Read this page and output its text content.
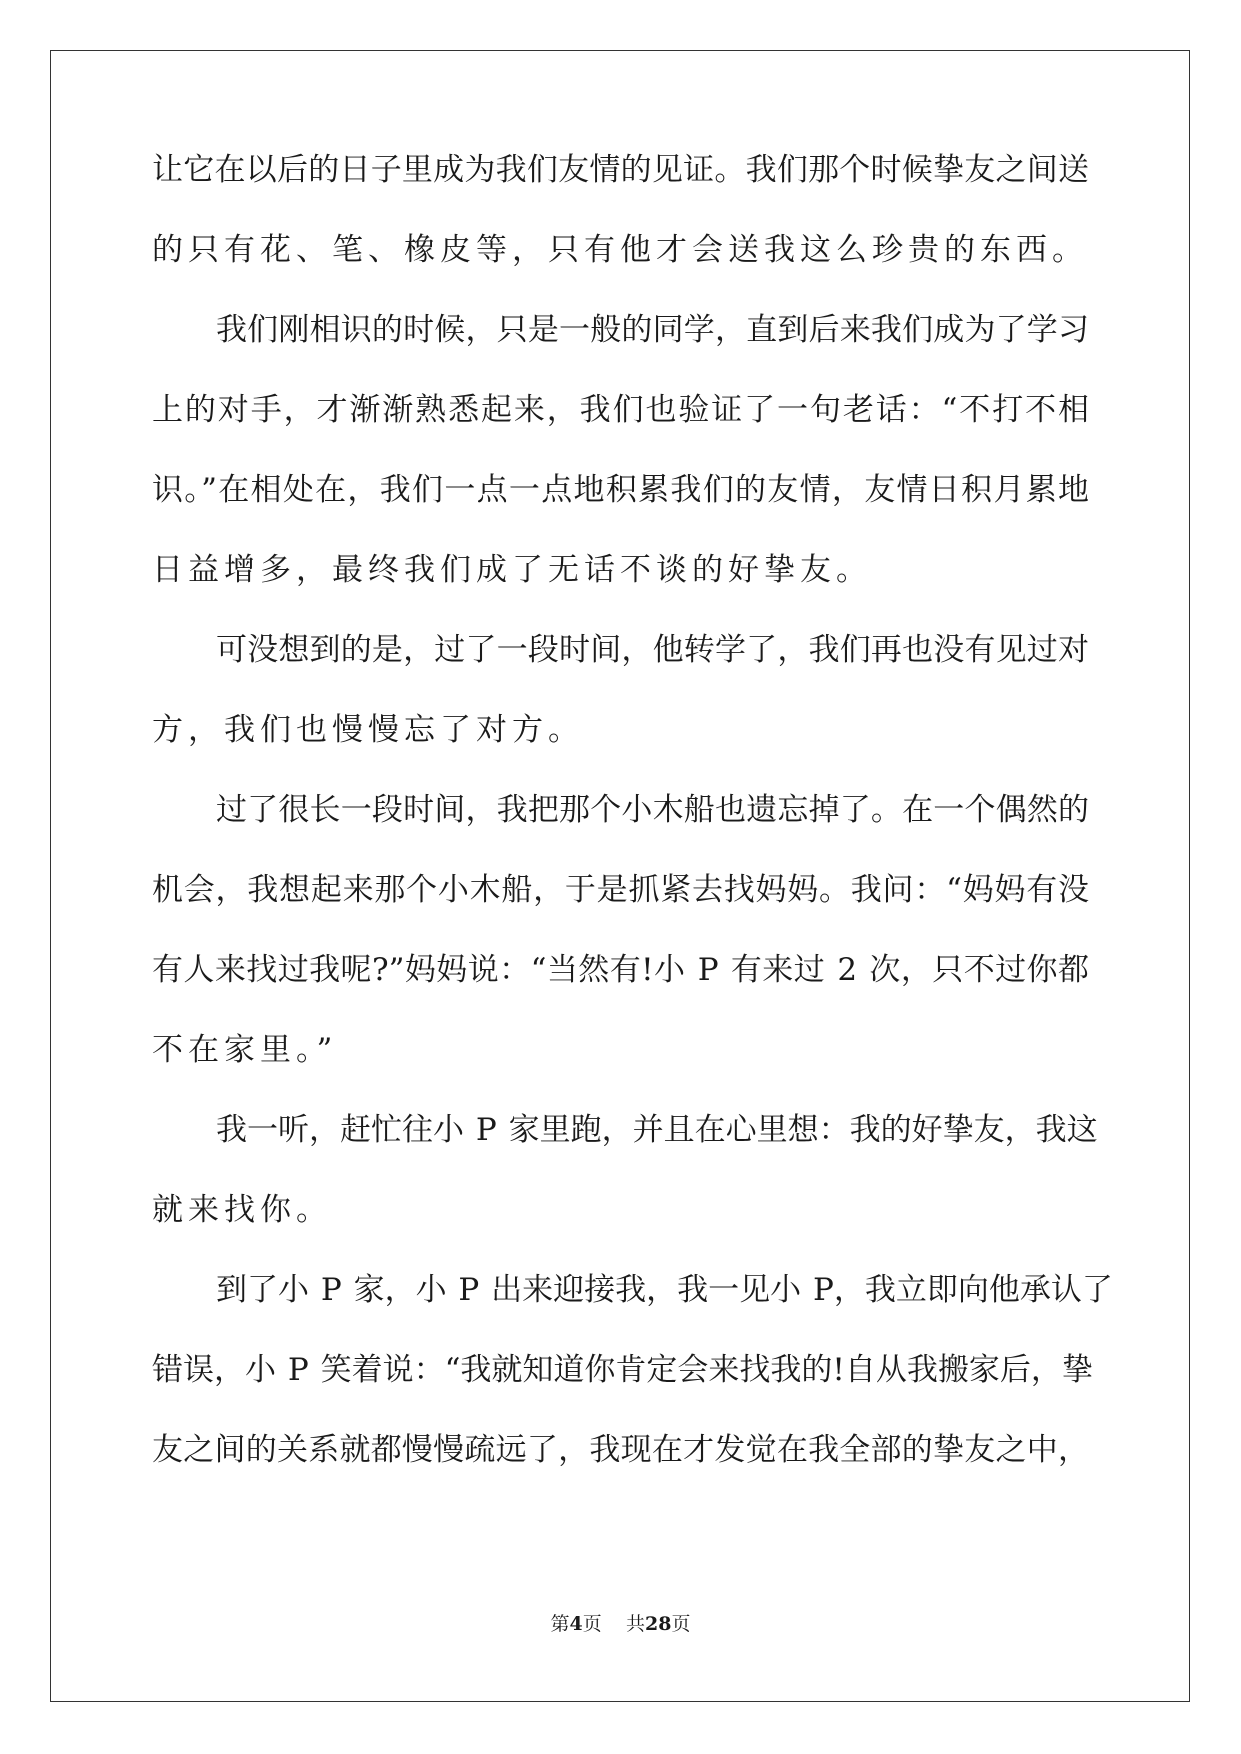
让它在以后的日子里成为我们友情的见证。我们那个时候挚友之间送
的只有花、笔、橡皮等，只有他才会送我这么珍贵的东西。
我们刚相识的时候，只是一般的同学，直到后来我们成为了学习
上的对手，才渐渐熟悉起来，我们也验证了一句老话：“不打不相
识。”在相处在，我们一点一点地积累我们的友情，友情日积月累地
日益增多，最终我们成了无话不谈的好挚友。
可没想到的是，过了一段时间，他转学了，我们再也没有见过对
方，我们也慢慢忘了对方。
过了很长一段时间，我把那个小木船也遗忘掉了。在一个偶然的
机会，我想起来那个小木船，于是抓紧去找妈妈。我问：“妈妈有没
有人来找过我呢?”妈妈说：“当然有!小 P 有来过 2 次，只不过你都
不在家里。”
我一听，赶忙往小 P 家里跑，并且在心里想：我的好挚友，我这
就来找你。
到了小 P 家，小 P 出来迎接我，我一见小 P，我立即向他承认了
错误，小 P 笑着说：“我就知道你肯定会来找我的!自从我搬家后，挚
友之间的关系就都慢慢疏远了，我现在才发觉在我全部的挚友之中，
第4页 共28页
